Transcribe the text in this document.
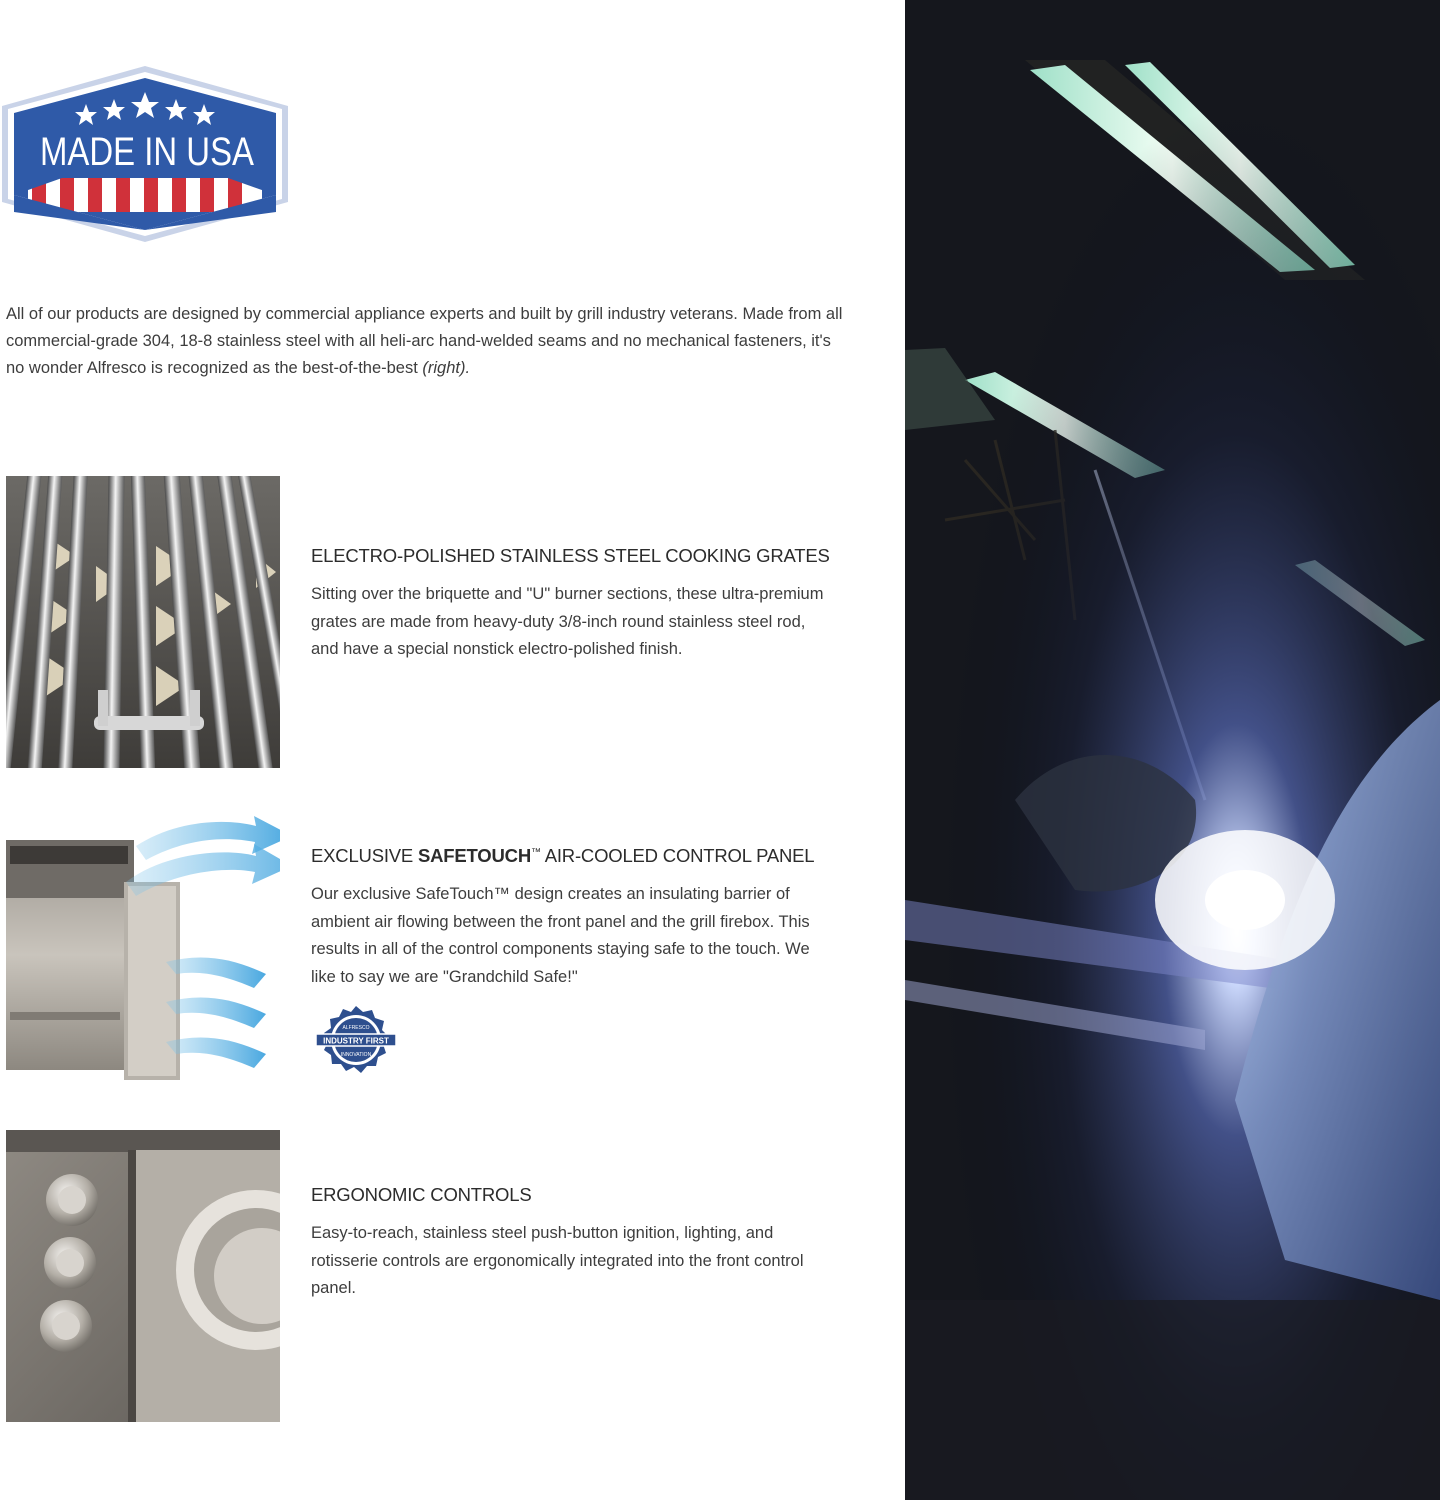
MADE IN USA

All of our products are designed by commercial appliance experts and built by grill industry veterans. Made from all commercial-grade 304, 18-8 stainless steel with all heli-arc hand-welded seams and no mechanical fasteners, it's no wonder Alfresco is recognized as the best-of-the-best (right).

ELECTRO-POLISHED STAINLESS STEEL COOKING GRATES

Sitting over the briquette and "U" burner sections, these ultra-premium grates are made from heavy-duty 3/8-inch round stainless steel rod, and have a special nonstick electro-polished finish.

EXCLUSIVE SAFETOUCH™ AIR-COOLED CONTROL PANEL

Our exclusive SafeTouch™ design creates an insulating barrier of ambient air flowing between the front panel and the grill firebox. This results in all of the control components staying safe to the touch. We like to say we are "Grandchild Safe!"

INDUSTRY FIRST
ALFRESCO
INNOVATION
ERGONOMIC CONTROLS

Easy-to-reach, stainless steel push-button ignition, lighting, and rotisserie controls are ergonomically integrated into the front control panel.
